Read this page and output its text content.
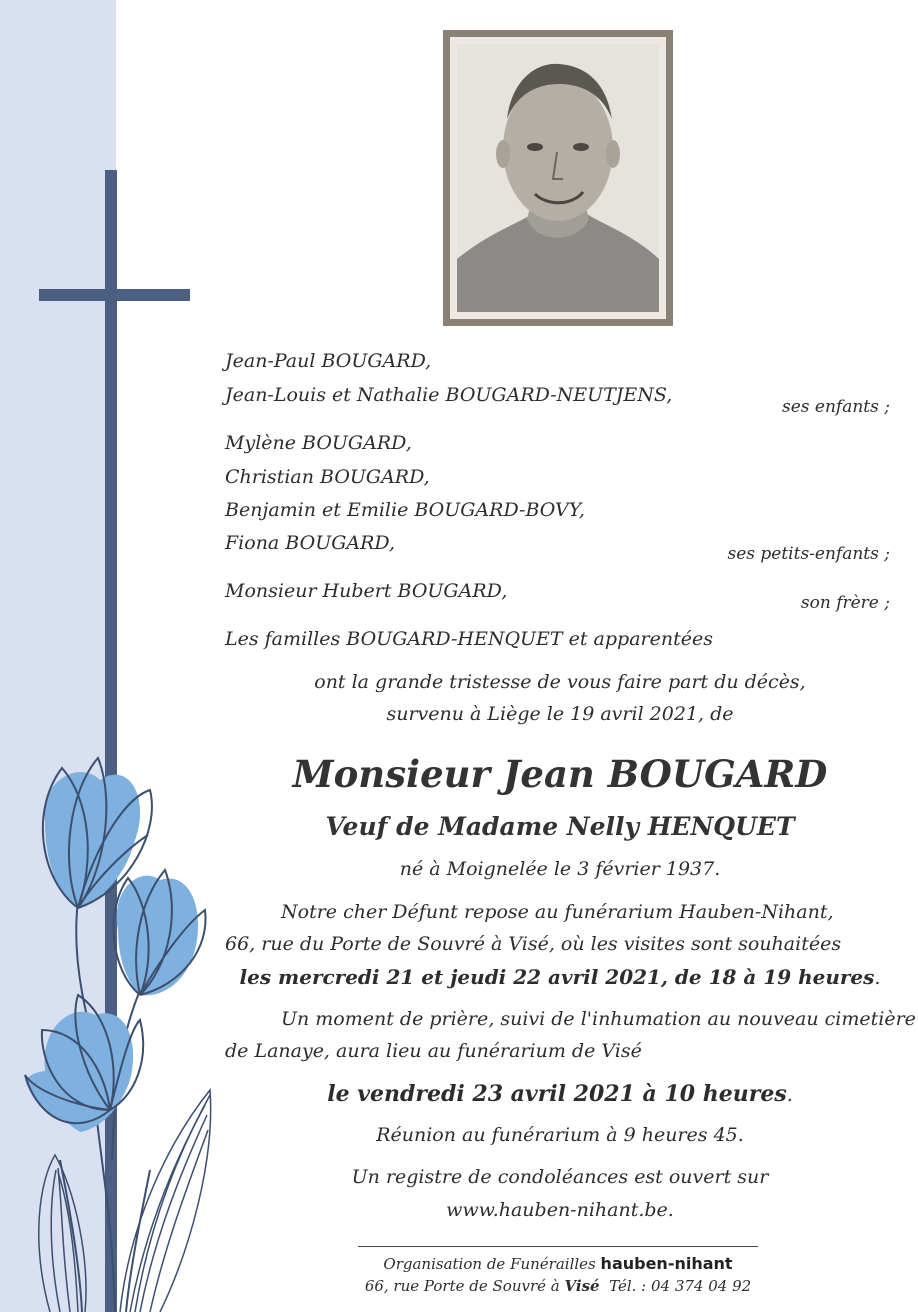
Jean-Paul BOUGARD,
Jean-Louis et Nathalie BOUGARD-NEUTJENS,
ses enfants ;
Mylène BOUGARD,
Christian BOUGARD,
Benjamin et Emilie BOUGARD-BOVY,
Fiona BOUGARD,	ses petits-enfants ;
Monsieur Hubert BOUGARD,
son frère ;
Les familles BOUGARD-HENQUET et apparentées
ont la grande tristesse de vous faire part du décès,
survenu à Liège le 19 avril 2021, de
Monsieur Jean BOUGARD
Veuf de Madame Nelly HENQUET
né à Moignelée le 3 février 1937.
Notre cher Défunt repose au funérarium Hauben-Nihant,
66, rue du Porte de Souvré à Visé, où les visites sont souhaitées
les mercredi 21 et jeudi 22 avril 2021, de 18 à 19 heures.
Un moment de prière, suivi de l'inhumation au nouveau cimetière
de Lanaye, aura lieu au funérarium de Visé
le vendredi 23 avril 2021 à 10 heures.
Réunion au funérarium à 9 heures 45.
Un registre de condoléances est ouvert sur
www.hauben-nihant.be.
Organisation de Funérailles hauben-nihant
66, rue Porte de Souvré à Visé Tél. : 04 374 04 92
